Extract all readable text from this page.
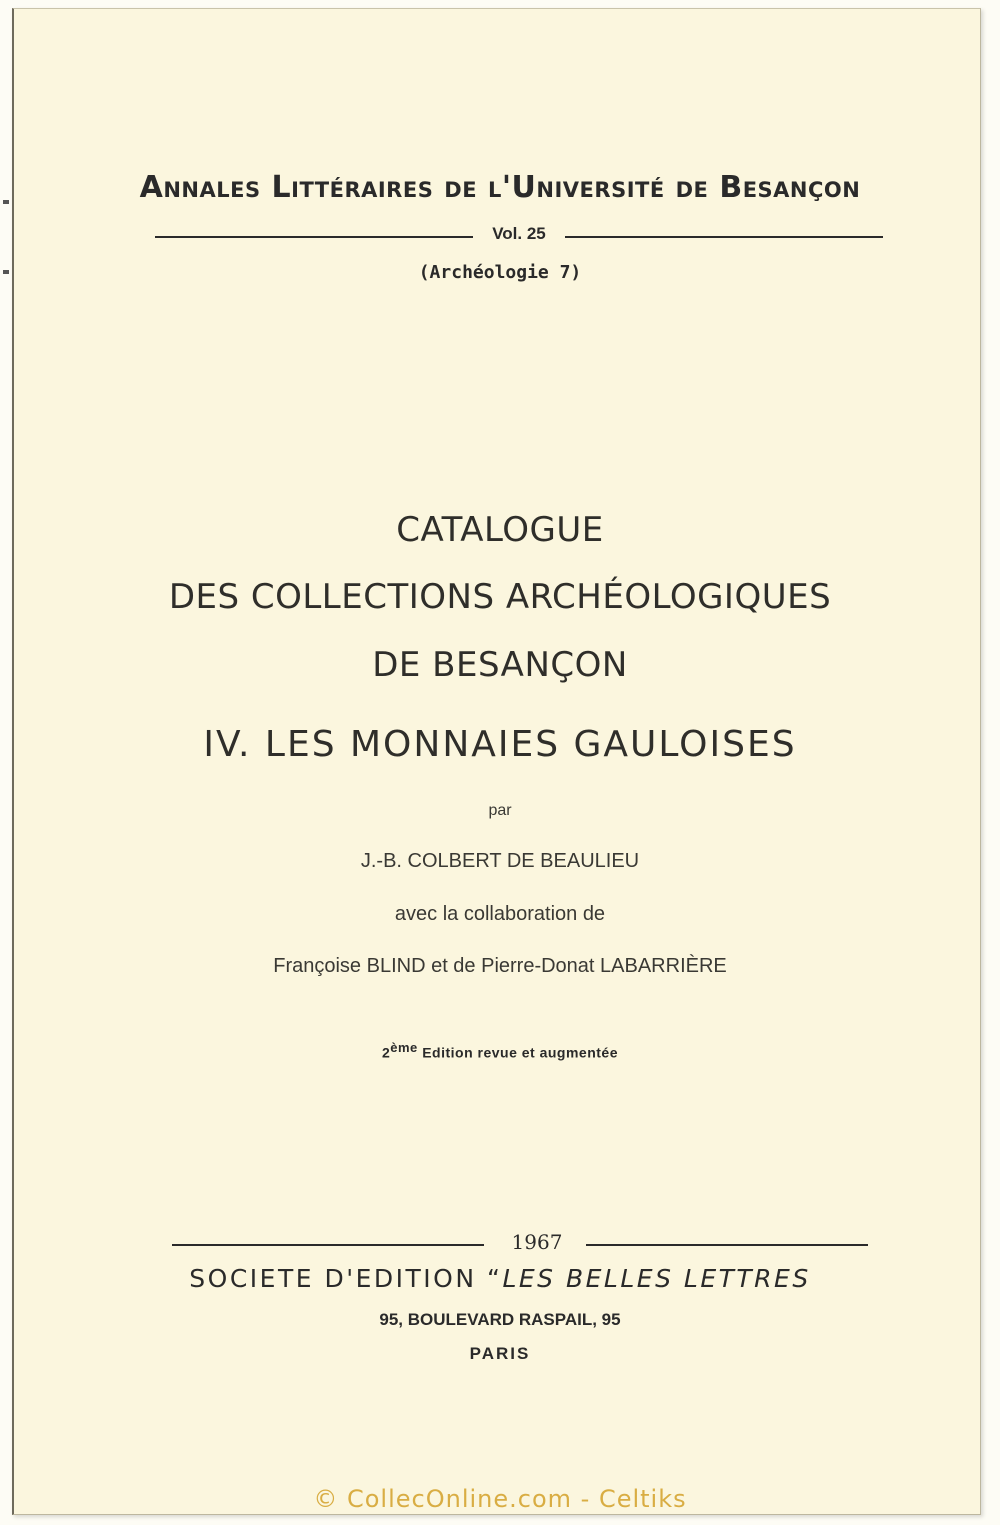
Annales Littéraires de l'Université de Besançon
Vol. 25
(Archéologie 7)
CATALOGUE
DES COLLECTIONS ARCHÉOLOGIQUES
DE BESANÇON
IV. LES MONNAIES GAULOISES
par
J.-B. COLBERT DE BEAULIEU
avec la collaboration de
Françoise BLIND et de Pierre-Donat LABARRIÈRE
2ème Edition revue et augmentée
1967
SOCIETE D'EDITION “LES BELLES LETTRES
95, BOULEVARD RASPAIL, 95
PARIS
© CollecOnline.com - Celtiks
